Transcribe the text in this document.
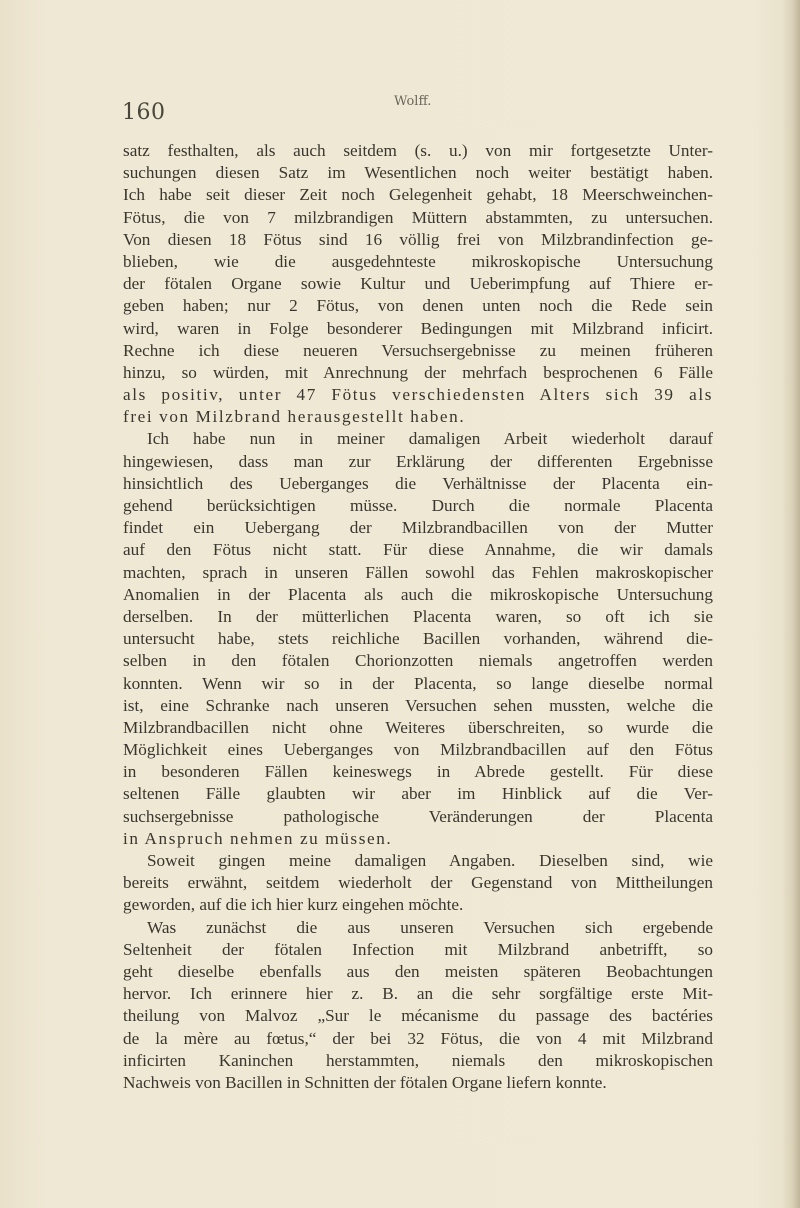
160	Wolff.
satz festhalten, als auch seitdem (s. u.) von mir fortgesetzte Unter-
suchungen diesen Satz im Wesentlichen noch weiter bestätigt haben.
Ich habe seit dieser Zeit noch Gelegenheit gehabt, 18 Meerschweinchen-
Fötus, die von 7 milzbrandigen Müttern abstammten, zu untersuchen.
Von diesen 18 Fötus sind 16 völlig frei von Milzbrandinfection ge-
blieben, wie die ausgedehnteste mikroskopische Untersuchung
der fötalen Organe sowie Kultur und Ueberimpfung auf Thiere er-
geben haben; nur 2 Fötus, von denen unten noch die Rede sein
wird, waren in Folge besonderer Bedingungen mit Milzbrand inficirt.
Rechne ich diese neueren Versuchsergebnisse zu meinen früheren
hinzu, so würden, mit Anrechnung der mehrfach besprochenen 6 Fälle
als positiv, unter 47 Fötus verschiedensten Alters sich 39 als
frei von Milzbrand herausgestellt haben.
Ich habe nun in meiner damaligen Arbeit wiederholt darauf
hingewiesen, dass man zur Erklärung der differenten Ergebnisse
hinsichtlich des Ueberganges die Verhältnisse der Placenta ein-
gehend berücksichtigen müsse. Durch die normale Placenta
findet ein Uebergang der Milzbrandbacillen von der Mutter
auf den Fötus nicht statt. Für diese Annahme, die wir damals
machten, sprach in unseren Fällen sowohl das Fehlen makroskopischer
Anomalien in der Placenta als auch die mikroskopische Untersuchung
derselben. In der mütterlichen Placenta waren, so oft ich sie
untersucht habe, stets reichliche Bacillen vorhanden, während die-
selben in den fötalen Chorionzotten niemals angetroffen werden
konnten. Wenn wir so in der Placenta, so lange dieselbe normal
ist, eine Schranke nach unseren Versuchen sehen mussten, welche die
Milzbrandbacillen nicht ohne Weiteres überschreiten, so wurde die
Möglichkeit eines Ueberganges von Milzbrandbacillen auf den Fötus
in besonderen Fällen keineswegs in Abrede gestellt. Für diese
seltenen Fälle glaubten wir aber im Hinblick auf die Ver-
suchsergebnisse pathologische Veränderungen der Placenta
in Anspruch nehmen zu müssen.
Soweit gingen meine damaligen Angaben. Dieselben sind, wie
bereits erwähnt, seitdem wiederholt der Gegenstand von Mittheilungen
geworden, auf die ich hier kurz eingehen möchte.
Was zunächst die aus unseren Versuchen sich ergebende
Seltenheit der fötalen Infection mit Milzbrand anbetrifft, so
geht dieselbe ebenfalls aus den meisten späteren Beobachtungen
hervor. Ich erinnere hier z. B. an die sehr sorgfältige erste Mit-
theilung von Malvoz „Sur le mécanisme du passage des bactéries
de la mère au fœtus,“ der bei 32 Fötus, die von 4 mit Milzbrand
inficirten Kaninchen herstammten, niemals den mikroskopischen
Nachweis von Bacillen in Schnitten der fötalen Organe liefern konnte.
